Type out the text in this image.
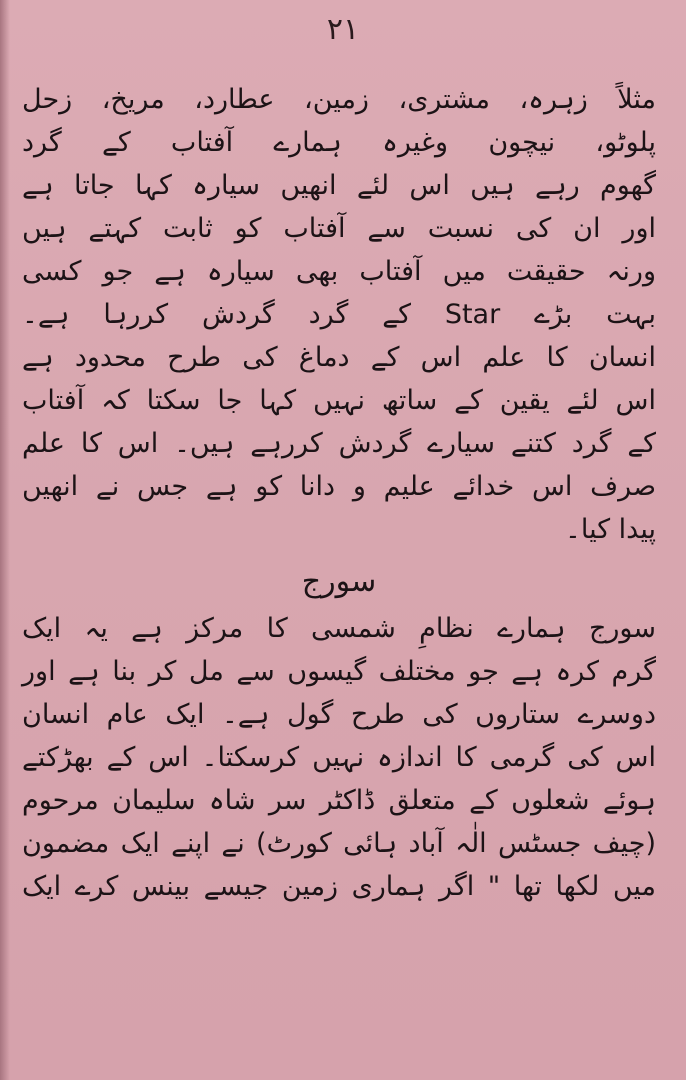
۲۱
مثلاً زہرہ، مشتری، زمین، عطارد، مریخ، زحل
پلوٹو، نیچون وغیرہ ہمارے آفتاب کے گرد
گھوم رہے ہیں اس لئے انھیں سیارہ کہا جاتا ہے
اور ان کی نسبت سے آفتاب کو ثابت کہتے ہیں
ورنہ حقیقت میں آفتاب بھی سیارہ ہے جو کسی
بہت بڑے Star کے گرد گردش کررہا ہے۔
انسان کا علم اس کے دماغ کی طرح محدود ہے
اس لئے یقین کے ساتھ نہیں کہا جا سکتا کہ آفتاب
کے گرد کتنے سیارے گردش کررہے ہیں۔ اس کا علم
صرف اس خدائے علیم و دانا کو ہے جس نے انھیں
پیدا کیا۔
سورج
سورج ہمارے نظامِ شمسی کا مرکز ہے یہ ایک
گرم کرہ ہے جو مختلف گیسوں سے مل کر بنا ہے اور
دوسرے ستاروں کی طرح گول ہے۔ ایک عام انسان
اس کی گرمی کا اندازہ نہیں کرسکتا۔ اس کے بھڑکتے
ہوئے شعلوں کے متعلق ڈاکٹر سر شاہ سلیمان مرحوم
(چیف جسٹس الٰہ آباد ہائی کورٹ) نے اپنے ایک مضمون
میں لکھا تھا " اگر ہماری زمین جیسے بینس کرے ایک
